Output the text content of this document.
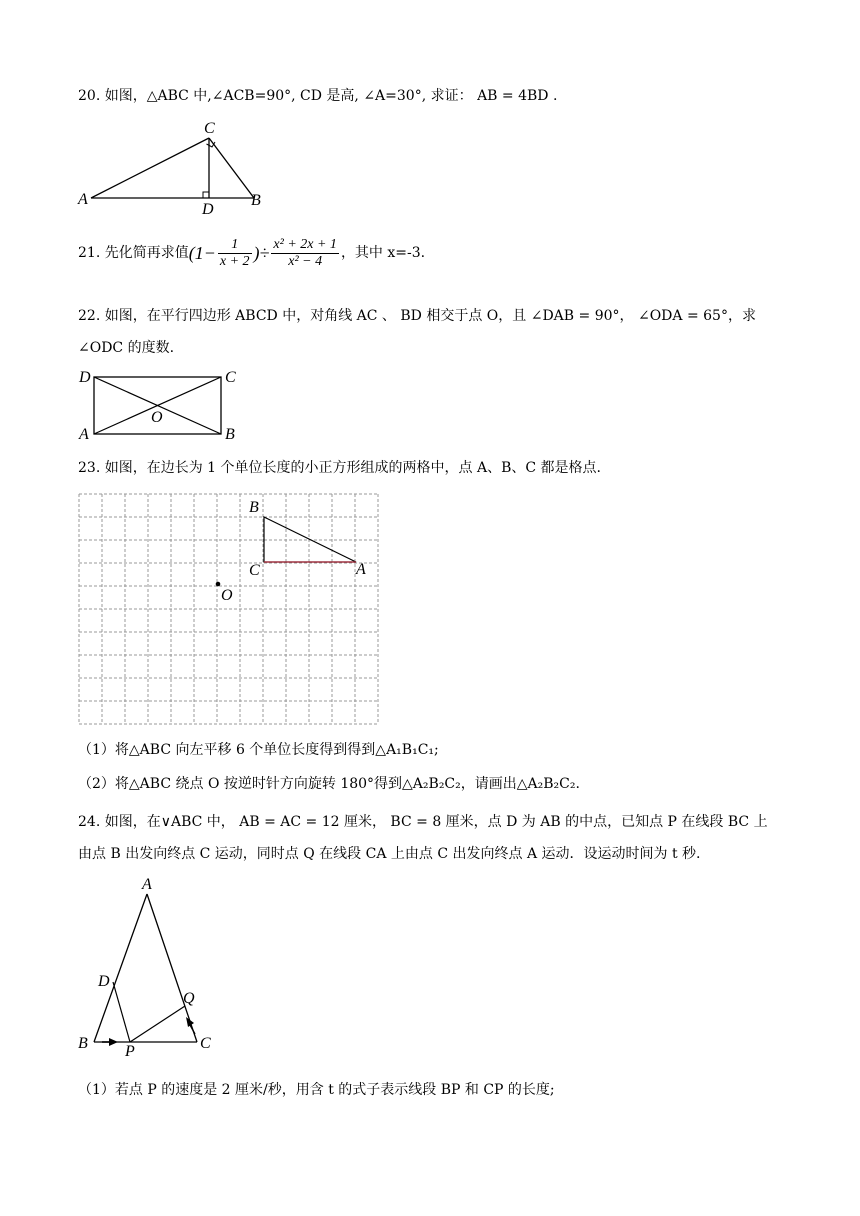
20. 如图，△ABC 中,∠ACB=90°, CD 是高, ∠A=30°, 求证： AB = 4BD .
A	B
C
D
21. 先化简再求值($1- \frac{1}{x + 2}$ )÷ $\frac{\text{x² + 2x + 1}}{\text{x² − 4}}$ ，其中 x=-3.
22. 如图，在平行四边形 ABCD 中，对角线 AC 、 BD 相交于点 O，且 ∠DAB = 90°， ∠ODA = 65°，求
∠ODC 的度数.
D	C
A	B
O
23. 如图，在边长为 1 个单位长度的小正方形组成的两格中，点 A、B、C 都是格点.
B
C	A
O
（1）将△ABC 向左平移 6 个单位长度得到得到△A₁B₁C₁;
（2）将△ABC 绕点 O 按逆时针方向旋转 180°得到△A₂B₂C₂，请画出△A₂B₂C₂.
24. 如图，在∨ABC 中， AB = AC = 12 厘米， BC = 8 厘米，点 D 为 AB 的中点，已知点 P 在线段 BC 上
由点 B 出发向终点 C 运动，同时点 Q 在线段 CA 上由点 C 出发向终点 A 运动．设运动时间为 t 秒.
A
D
B	C
P
Q
（1）若点 P 的速度是 2 厘米/秒，用含 t 的式子表示线段 BP 和 CP 的长度;
